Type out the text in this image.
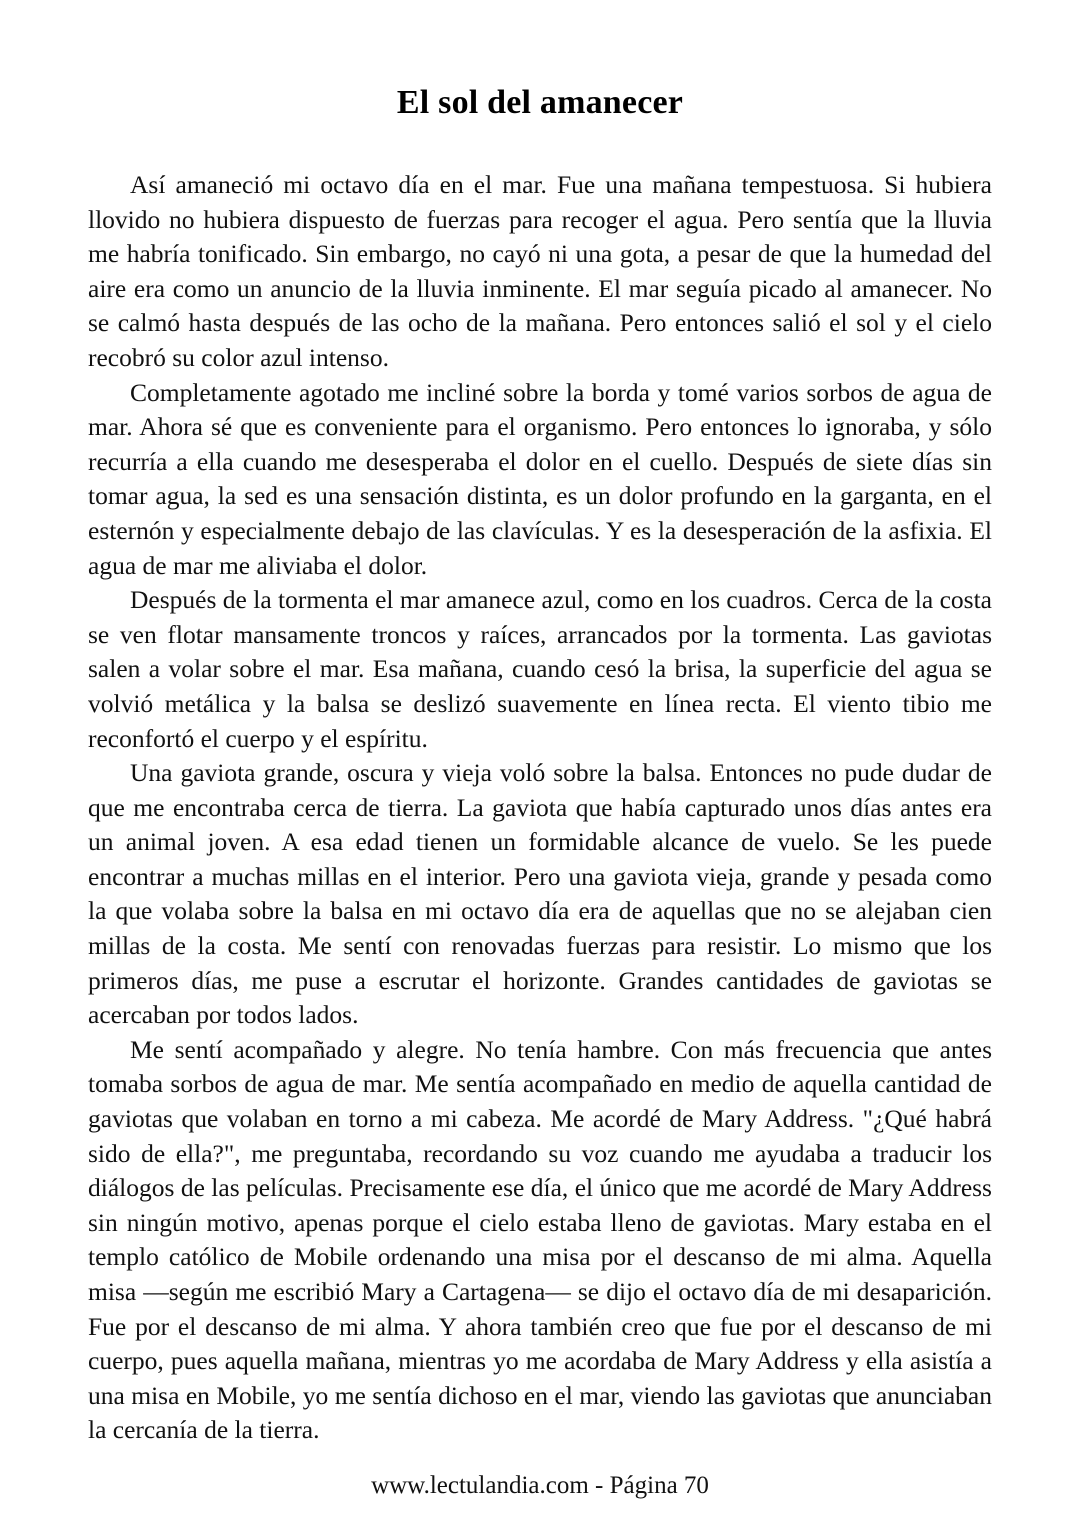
El sol del amanecer

Así amaneció mi octavo día en el mar. Fue una mañana tempestuosa. Si hubiera llovido no hubiera dispuesto de fuerzas para recoger el agua. Pero sentía que la lluvia me habría tonificado. Sin embargo, no cayó ni una gota, a pesar de que la humedad del aire era como un anuncio de la lluvia inminente. El mar seguía picado al amanecer. No se calmó hasta después de las ocho de la mañana. Pero entonces salió el sol y el cielo recobró su color azul intenso.

Completamente agotado me incliné sobre la borda y tomé varios sorbos de agua de mar. Ahora sé que es conveniente para el organismo. Pero entonces lo ignoraba, y sólo recurría a ella cuando me desesperaba el dolor en el cuello. Después de siete días sin tomar agua, la sed es una sensación distinta, es un dolor profundo en la garganta, en el esternón y especialmente debajo de las clavículas. Y es la desesperación de la asfixia. El agua de mar me aliviaba el dolor.

Después de la tormenta el mar amanece azul, como en los cuadros. Cerca de la costa se ven flotar mansamente troncos y raíces, arrancados por la tormenta. Las gaviotas salen a volar sobre el mar. Esa mañana, cuando cesó la brisa, la superficie del agua se volvió metálica y la balsa se deslizó suavemente en línea recta. El viento tibio me reconfortó el cuerpo y el espíritu.

Una gaviota grande, oscura y vieja voló sobre la balsa. Entonces no pude dudar de que me encontraba cerca de tierra. La gaviota que había capturado unos días antes era un animal joven. A esa edad tienen un formidable alcance de vuelo. Se les puede encontrar a muchas millas en el interior. Pero una gaviota vieja, grande y pesada como la que volaba sobre la balsa en mi octavo día era de aquellas que no se alejaban cien millas de la costa. Me sentí con renovadas fuerzas para resistir. Lo mismo que los primeros días, me puse a escrutar el horizonte. Grandes cantidades de gaviotas se acercaban por todos lados.

Me sentí acompañado y alegre. No tenía hambre. Con más frecuencia que antes tomaba sorbos de agua de mar. Me sentía acompañado en medio de aquella cantidad de gaviotas que volaban en torno a mi cabeza. Me acordé de Mary Address. "¿Qué habrá sido de ella?", me preguntaba, recordando su voz cuando me ayudaba a traducir los diálogos de las películas. Precisamente ese día, el único que me acordé de Mary Address sin ningún motivo, apenas porque el cielo estaba lleno de gaviotas. Mary estaba en el templo católico de Mobile ordenando una misa por el descanso de mi alma. Aquella misa —según me escribió Mary a Cartagena— se dijo el octavo día de mi desaparición. Fue por el descanso de mi alma. Y ahora también creo que fue por el descanso de mi cuerpo, pues aquella mañana, mientras yo me acordaba de Mary Address y ella asistía a una misa en Mobile, yo me sentía dichoso en el mar, viendo las gaviotas que anunciaban la cercanía de la tierra.

www.lectulandia.com - Página 70
